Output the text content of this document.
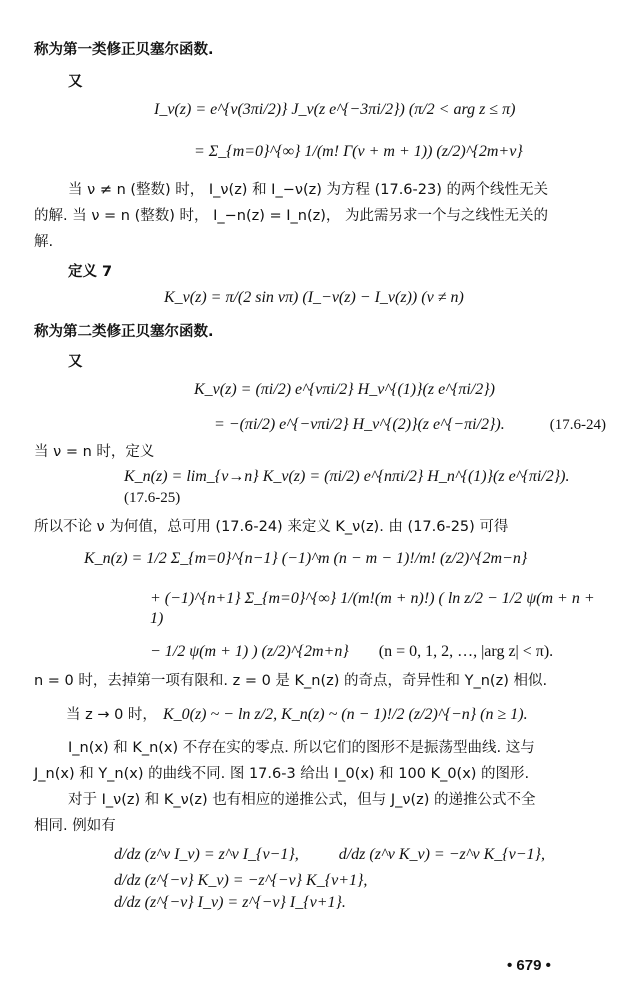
称为第一类修正贝塞尔函数.
又
I_ν(z) = e^{ν(3πi/2)} J_ν(z e^{−3πi/2}) (π/2 < arg z ≤ π)
= Σ_{m=0}^{∞} 1/(m! Γ(ν + m + 1)) (z/2)^{2m+ν}
当 ν ≠ n (整数) 时， I_ν(z) 和 I_−ν(z) 为方程 (17.6-23) 的两个线性无关
的解. 当 ν = n (整数) 时， I_−n(z) = I_n(z)， 为此需另求一个与之线性无关的
解.
定义 7
K_ν(z) = π/(2 sin νπ) (I_−ν(z) − I_ν(z)) (ν ≠ n)
称为第二类修正贝塞尔函数.
又
K_ν(z) = (πi/2) e^{νπi/2} H_ν^{(1)}(z e^{πi/2})
= −(πi/2) e^{−νπi/2} H_ν^{(2)}(z e^{−πi/2}).	(17.6-24)
当 ν = n 时，定义
K_n(z) = lim_{ν→n} K_ν(z) = (πi/2) e^{nπi/2} H_n^{(1)}(z e^{πi/2}).
(17.6-25)
所以不论 ν 为何值，总可用 (17.6-24) 来定义 K_ν(z). 由 (17.6-25) 可得
K_n(z) = 1/2 Σ_{m=0}^{n−1} (−1)^m (n − m − 1)!/m! (z/2)^{2m−n}
+ (−1)^{n+1} Σ_{m=0}^{∞} 1/(m!(m + n)!) ( ln z/2 − 1/2 ψ(m + n + 1)
− 1/2 ψ(m + 1) ) (z/2)^{2m+n} (n = 0, 1, 2, …, |arg z| < π).
n = 0 时，去掉第一项有限和. z = 0 是 K_n(z) 的奇点，奇异性和 Y_n(z) 相似.
当 z → 0 时， K_0(z) ~ − ln z/2, K_n(z) ~ (n − 1)!/2 (z/2)^{−n} (n ≥ 1).
I_n(x) 和 K_n(x) 不存在实的零点. 所以它们的图形不是振荡型曲线. 这与
J_n(x) 和 Y_n(x) 的曲线不同. 图 17.6-3 给出 I_0(x) 和 100 K_0(x) 的图形.
对于 I_ν(z) 和 K_ν(z) 也有相应的递推公式，但与 J_ν(z) 的递推公式不全
相同. 例如有
d/dz (z^ν I_ν) = z^ν I_{ν−1},	d/dz (z^ν K_ν) = −z^ν K_{ν−1},
d/dz (z^{−ν} K_ν) = −z^{−ν} K_{ν+1},
d/dz (z^{−ν} I_ν) = z^{−ν} I_{ν+1}.
• 679 •
